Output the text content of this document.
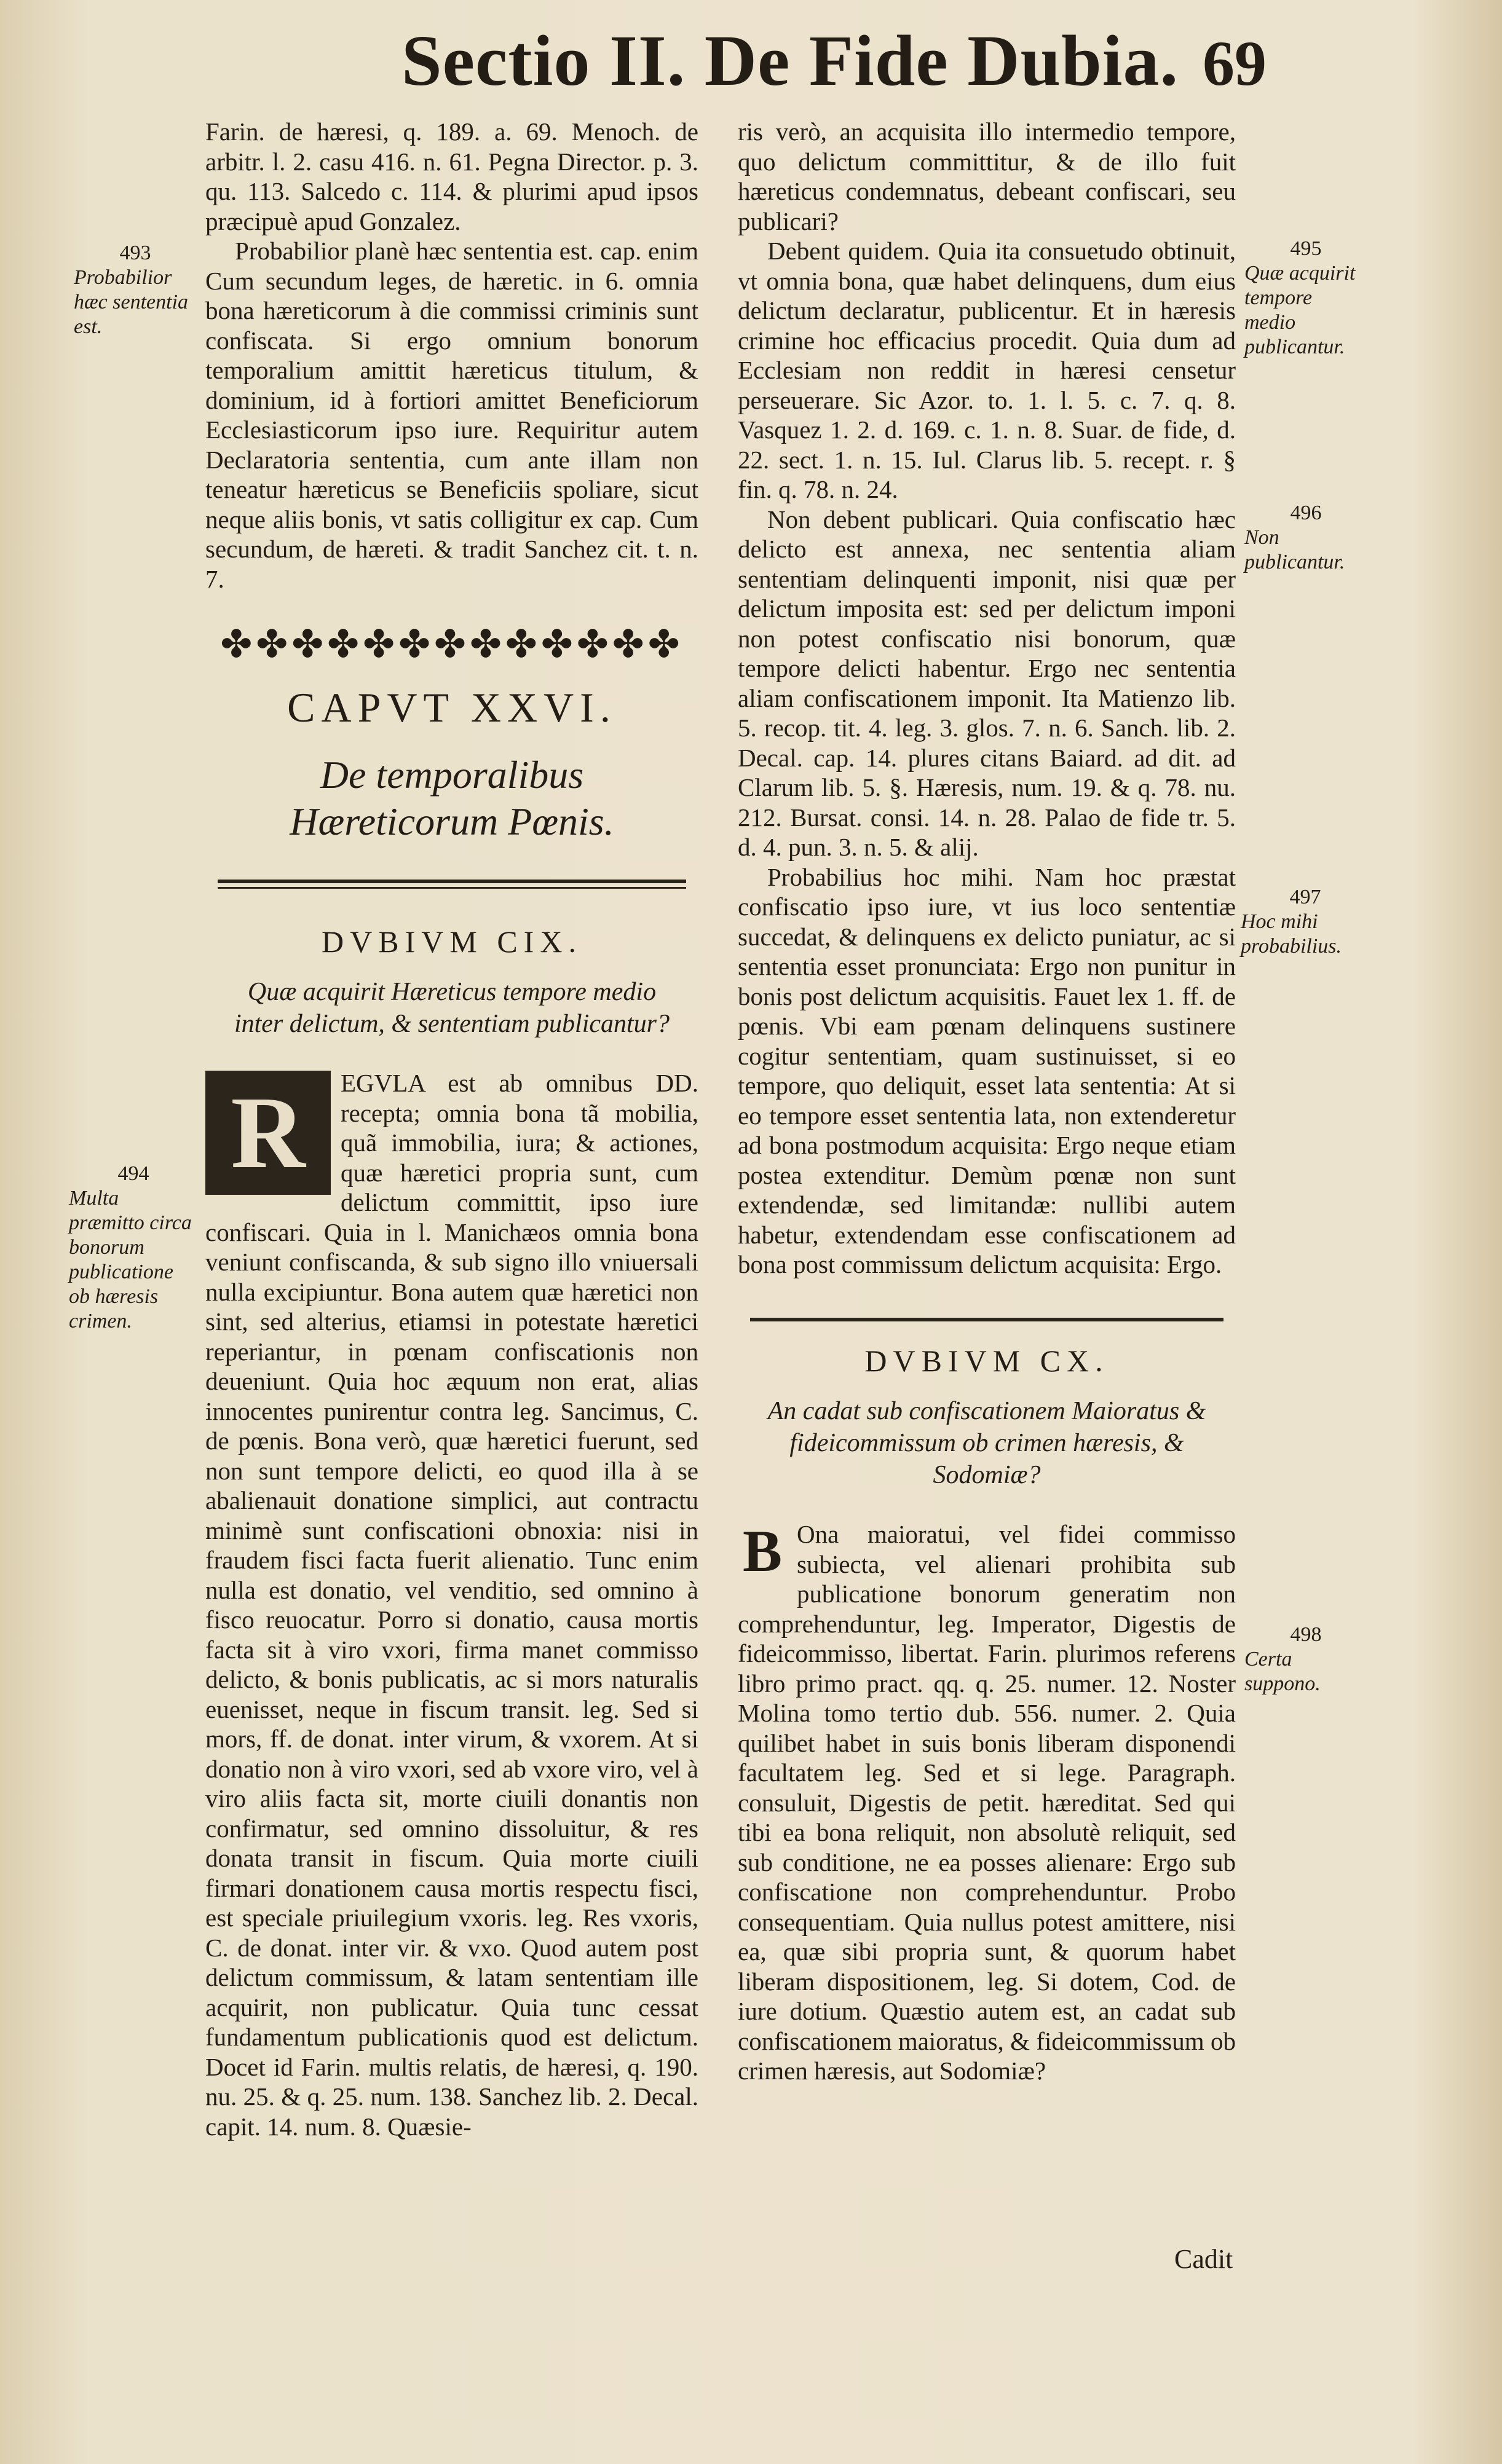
Sectio II. De Fide Dubia. 69
493
Probabilior hæc sententia est.
494
Multa præmitto circa bonorum publicatione ob hæresis crimen.
495
Quæ acquirit tempore medio publicantur.
496
Non publicantur.
497
Hoc mihi probabilius.
498
Certa suppono.

Farin. de hæresi, q. 189. a. 69. Menoch. de arbitr. l. 2. casu 416. n. 61. Pegna Director. p. 3. qu. 113. Salcedo c. 114. & plurimi apud ipsos præcipuè apud Gonzalez.

Probabilior planè hæc sententia est. cap. enim Cum secundum leges, de hæretic. in 6. omnia bona hæreticorum à die commissi criminis sunt confiscata. Si ergo omnium bonorum temporalium amittit hæreticus titulum, & dominium, id à fortiori amittet Beneficiorum Ecclesiasticorum ipso iure. Requiritur autem Declaratoria sententia, cum ante illam non teneatur hæreticus se Beneficiis spoliare, sicut neque aliis bonis, vt satis colligitur ex cap. Cum secundum, de hæreti. & tradit Sanchez cit. t. n. 7.

✤✤✤✤✤✤✤✤✤✤✤✤✤
CAPVT XXVI.
De temporalibus Hæreticorum Pœnis.
DVBIVM CIX.
Quæ acquirit Hæreticus tempore medio inter delictum, & sententiam publicantur?

R	EGVLA est ab omnibus DD. recepta; omnia bona tã mobilia, quã immobilia, iura; & actiones, quæ hæretici propria sunt, cum delictum committit, ipso iure confiscari. Quia in l. Manichæos omnia bona veniunt confiscanda, & sub signo illo vniuersali nulla excipiuntur. Bona autem quæ hæretici non sint, sed alterius, etiamsi in potestate hæretici reperiantur, in pœnam confiscationis non deueniunt. Quia hoc æquum non erat, alias innocentes punirentur contra leg. Sancimus, C. de pœnis. Bona verò, quæ hæretici fuerunt, sed non sunt tempore delicti, eo quod illa à se abalienauit donatione simplici, aut contractu minimè sunt confiscationi obnoxia: nisi in fraudem fisci facta fuerit alienatio. Tunc enim nulla est donatio, vel venditio, sed omnino à fisco reuocatur. Porro si donatio, causa mortis facta sit à viro vxori, firma manet commisso delicto, & bonis publicatis, ac si mors naturalis euenisset, neque in fiscum transit. leg. Sed si mors, ff. de donat. inter virum, & vxorem. At si donatio non à viro vxori, sed ab vxore viro, vel à viro aliis facta sit, morte ciuili donantis non confirmatur, sed omnino dissoluitur, & res donata transit in fiscum. Quia morte ciuili firmari donationem causa mortis respectu fisci, est speciale priuilegium vxoris. leg. Res vxoris, C. de donat. inter vir. & vxo. Quod autem post delictum commissum, & latam sententiam ille acquirit, non publicatur. Quia tunc cessat fundamentum publicationis quod est delictum. Docet id Farin. multis relatis, de hæresi, q. 190. nu. 25. & q. 25. num. 138. Sanchez lib. 2. Decal. capit. 14. num. 8. Quæsie-

ris verò, an acquisita illo intermedio tempore, quo delictum committitur, & de illo fuit hæreticus condemnatus, debeant confiscari, seu publicari?

Debent quidem. Quia ita consuetudo obtinuit, vt omnia bona, quæ habet delinquens, dum eius delictum declaratur, publicentur. Et in hæresis crimine hoc efficacius procedit. Quia dum ad Ecclesiam non reddit in hæresi censetur perseuerare. Sic Azor. to. 1. l. 5. c. 7. q. 8. Vasquez 1. 2. d. 169. c. 1. n. 8. Suar. de fide, d. 22. sect. 1. n. 15. Iul. Clarus lib. 5. recept. r. § fin. q. 78. n. 24.

Non debent publicari. Quia confiscatio hæc delicto est annexa, nec sententia aliam sententiam delinquenti imponit, nisi quæ per delictum imposita est: sed per delictum imponi non potest confiscatio nisi bonorum, quæ tempore delicti habentur. Ergo nec sententia aliam confiscationem imponit. Ita Matienzo lib. 5. recop. tit. 4. leg. 3. glos. 7. n. 6. Sanch. lib. 2. Decal. cap. 14. plures citans Baiard. ad dit. ad Clarum lib. 5. §. Hæresis, num. 19. & q. 78. nu. 212. Bursat. consi. 14. n. 28. Palao de fide tr. 5. d. 4. pun. 3. n. 5. & alij.

Probabilius hoc mihi. Nam hoc præstat confiscatio ipso iure, vt ius loco sententiæ succedat, & delinquens ex delicto puniatur, ac si sententia esset pronunciata: Ergo non punitur in bonis post delictum acquisitis. Fauet lex 1. ff. de pœnis. Vbi eam pœnam delinquens sustinere cogitur sententiam, quam sustinuisset, si eo tempore, quo deliquit, esset lata sententia: At si eo tempore esset sententia lata, non extenderetur ad bona postmodum acquisita: Ergo neque etiam postea extenditur. Demùm pœnæ non sunt extendendæ, sed limitandæ: nullibi autem habetur, extendendam esse confiscationem ad bona post commissum delictum acquisita: Ergo.

DVBIVM CX.
An cadat sub confiscationem Maioratus & fideicommissum ob crimen hæresis, & Sodomiæ?

B Ona maioratui, vel fidei commisso subiecta, vel alienari prohibita sub publicatione bonorum generatim non comprehenduntur, leg. Imperator, Digestis de fideicommisso, libertat. Farin. plurimos referens libro primo pract. qq. q. 25. numer. 12. Noster Molina tomo tertio dub. 556. numer. 2. Quia quilibet habet in suis bonis liberam disponendi facultatem leg. Sed et si lege. Paragraph. consuluit, Digestis de petit. hæreditat. Sed qui tibi ea bona reliquit, non absolutè reliquit, sed sub conditione, ne ea posses alienare: Ergo sub confiscatione non comprehenduntur. Probo consequentiam. Quia nullus potest amittere, nisi ea, quæ sibi propria sunt, & quorum habet liberam dispositionem, leg. Si dotem, Cod. de iure dotium. Quæstio autem est, an cadat sub confiscationem maioratus, & fideicommissum ob crimen hæresis, aut Sodomiæ?

Cadit
